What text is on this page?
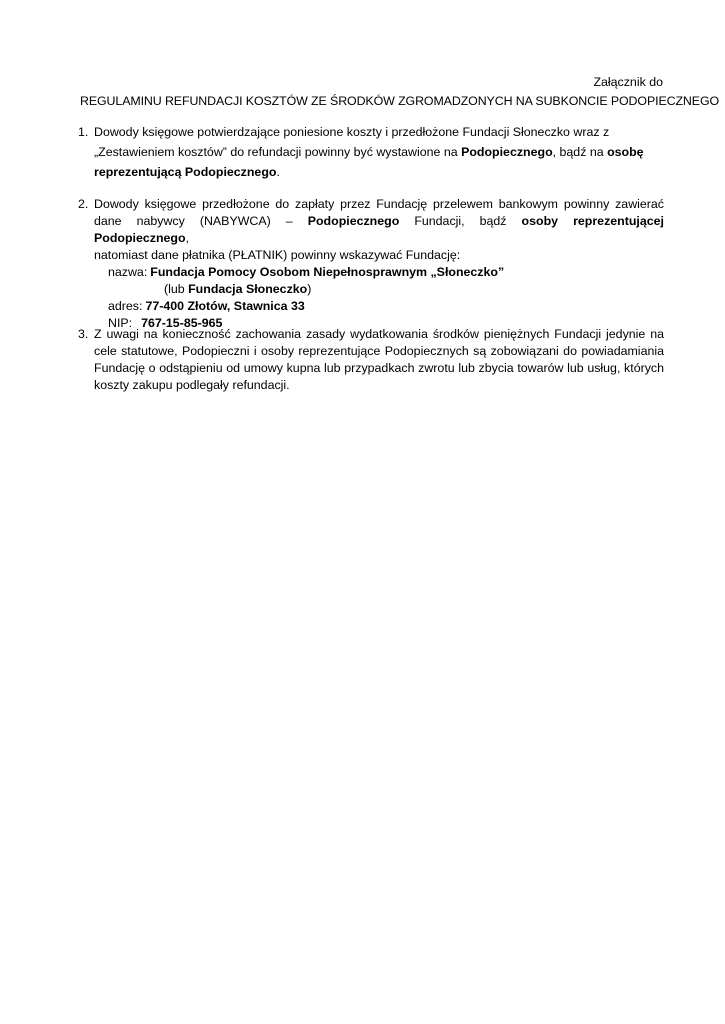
Załącznik do
REGULAMINU REFUNDACJI KOSZTÓW ZE ŚRODKÓW ZGROMADZONYCH NA SUBKONCIE PODOPIECZNEGO
1. Dowody księgowe potwierdzające poniesione koszty i przedłożone Fundacji Słoneczko wraz z „Zestawieniem kosztów” do refundacji powinny być wystawione na Podopiecznego, bądź na osobę reprezentującą Podopiecznego.
2. Dowody księgowe przedłożone do zapłaty przez Fundację przelewem bankowym powinny zawierać dane nabywcy (NABYWCA) – Podopiecznego Fundacji, bądź osoby reprezentującej Podopiecznego,
natomiast dane płatnika (PŁATNIK) powinny wskazywać Fundację:
nazwa: Fundacja Pomocy Osobom Niepełnosprawnym „Słoneczko”
(lub Fundacja Słoneczko)
adres: 77-400 Złotów, Stawnica 33
NIP: 767-15-85-965
3. Z uwagi na konieczność zachowania zasady wydatkowania środków pieniężnych Fundacji jedynie na cele statutowe, Podopieczni i osoby reprezentujące Podopiecznych są zobowiązani do powiadamiania Fundację o odstąpieniu od umowy kupna lub przypadkach zwrotu lub zbycia towarów lub usług, których koszty zakupu podlegały refundacji.
